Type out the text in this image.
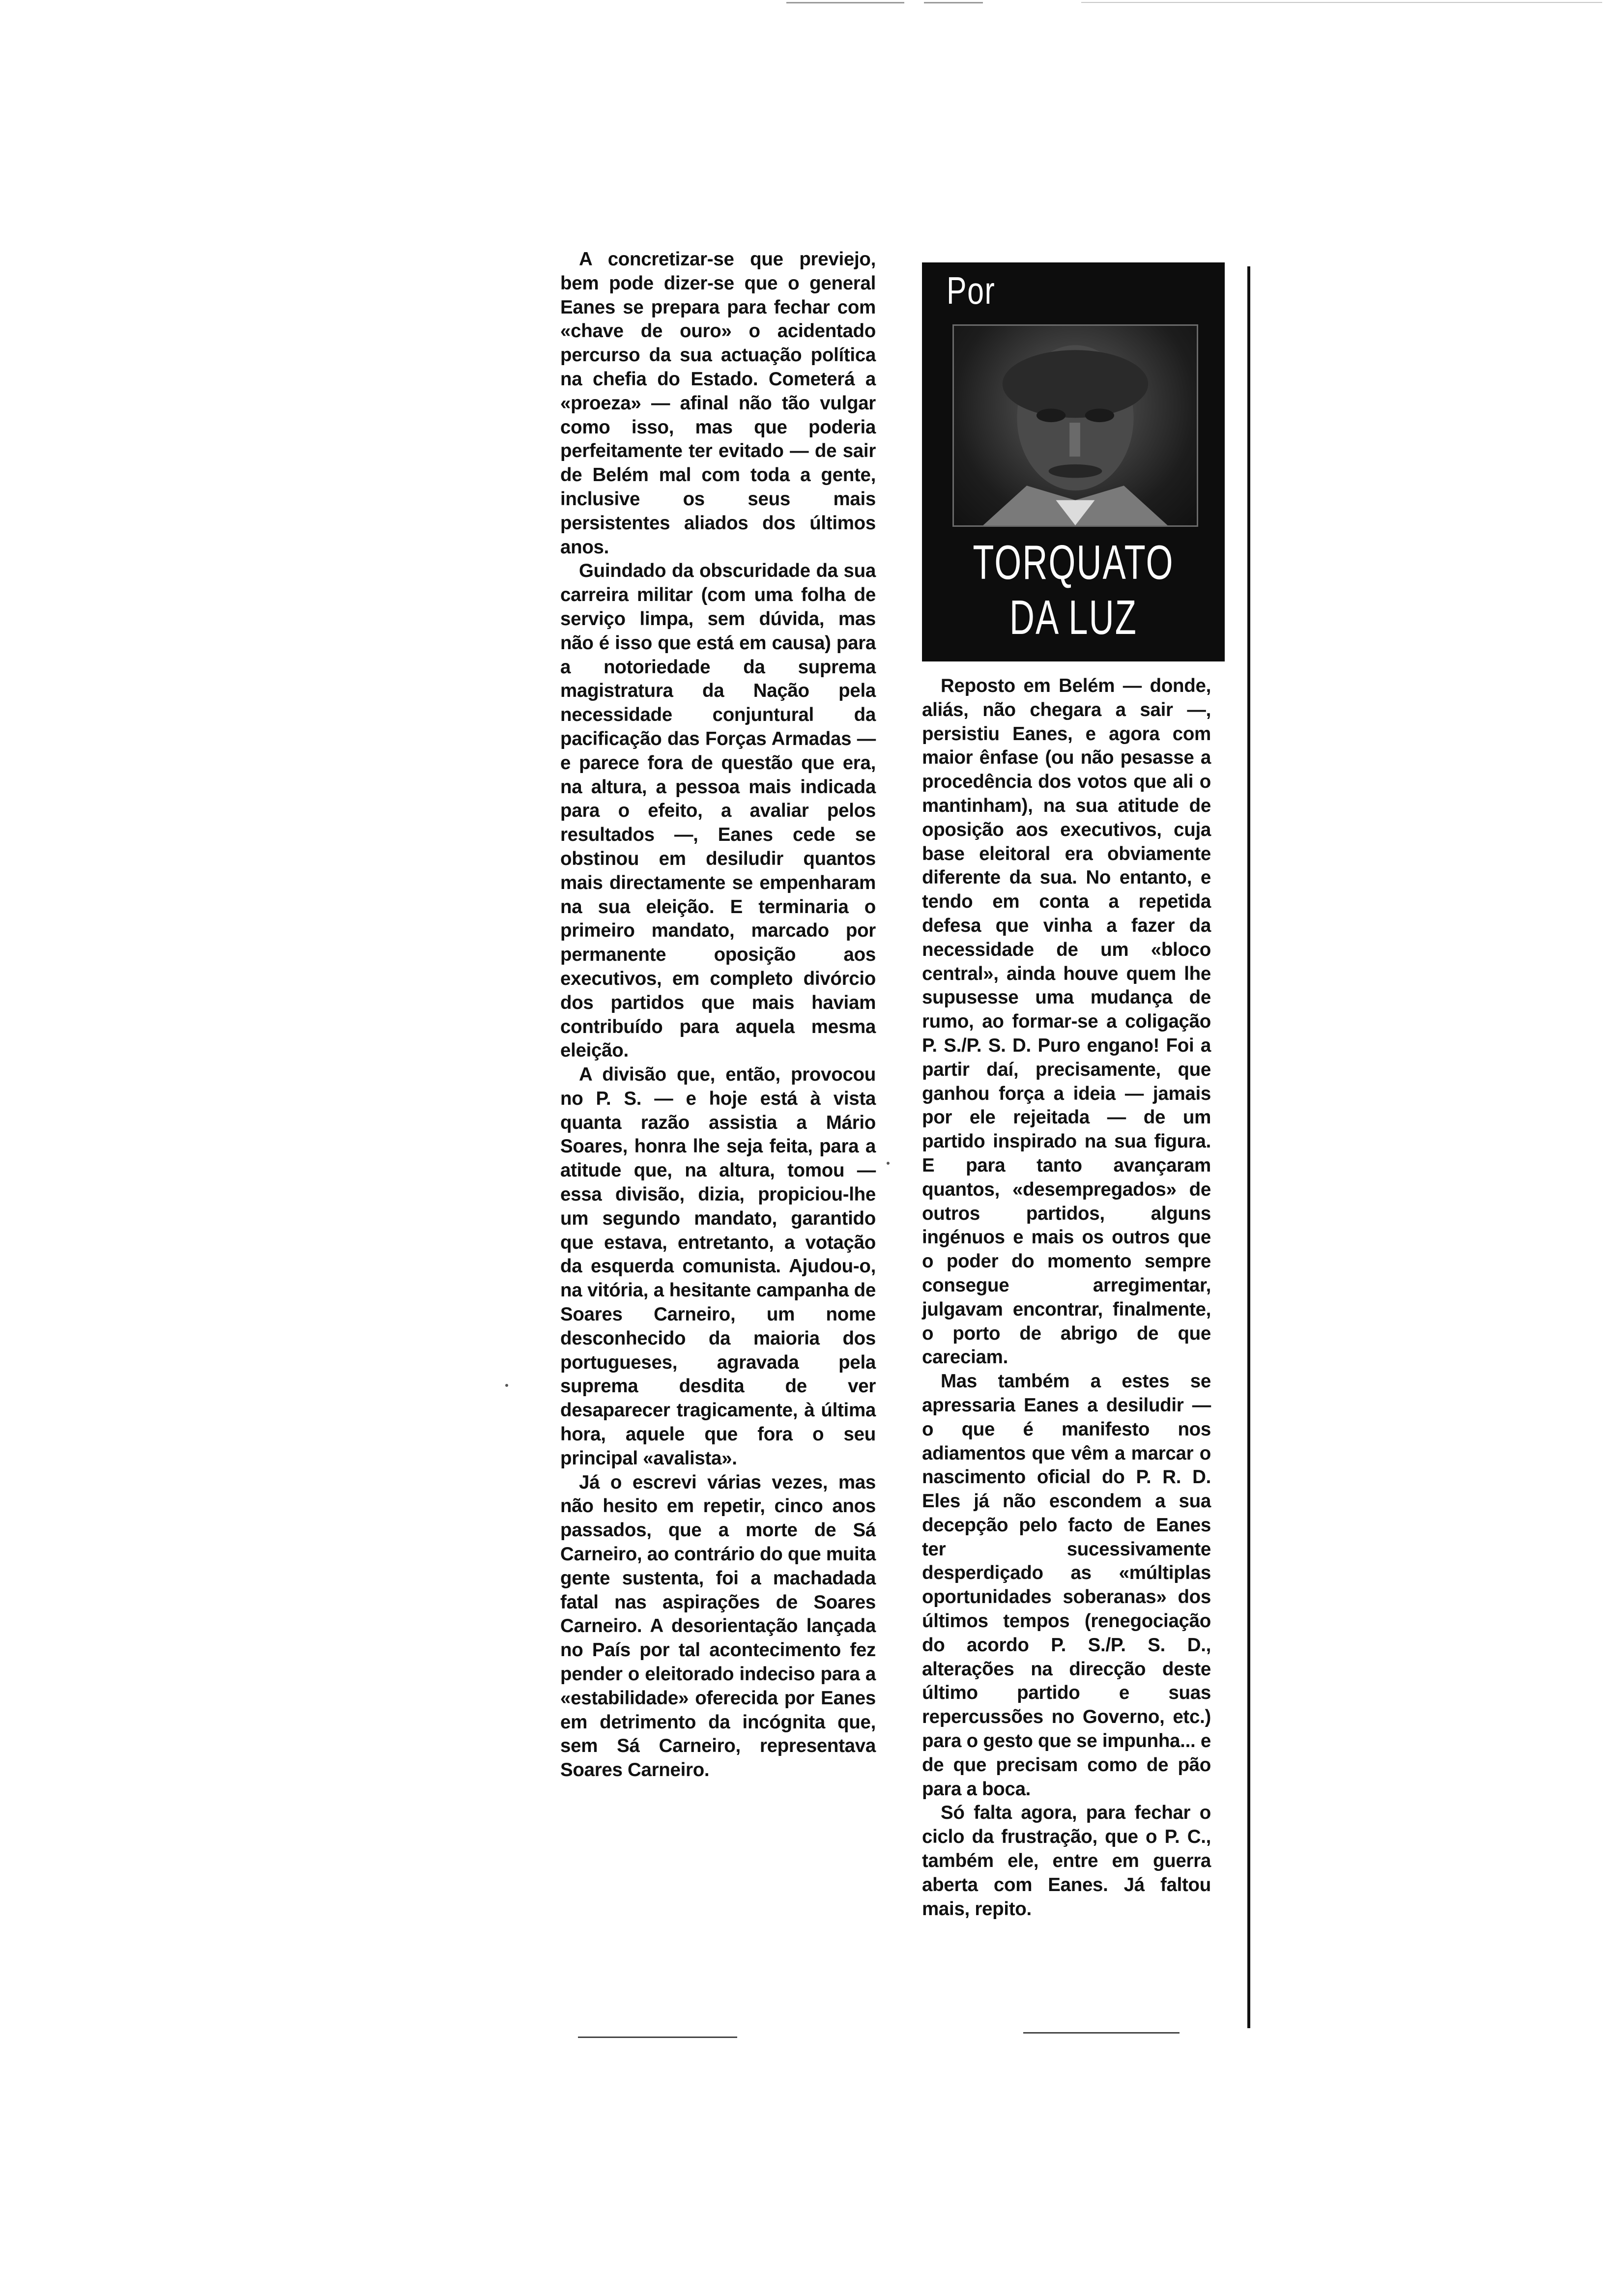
A concretizar-se que previejo, bem pode dizer-se que o general Eanes se prepara para fechar com «chave de ouro» o acidentado percurso da sua actuação política na chefia do Estado. Cometerá a «proeza» — afinal não tão vulgar como isso, mas que poderia perfeitamente ter evitado — de sair de Belém mal com toda a gente, inclusive os seus mais persistentes aliados dos últimos anos.

Guindado da obscuridade da sua carreira militar (com uma folha de serviço limpa, sem dúvida, mas não é isso que está em causa) para a notoriedade da suprema magistratura da Nação pela necessidade conjuntural da pacificação das Forças Armadas — e parece fora de questão que era, na altura, a pessoa mais indicada para o efeito, a avaliar pelos resultados —, Eanes cede se obstinou em desiludir quantos mais directamente se empenharam na sua eleição. E terminaria o primeiro mandato, marcado por permanente oposição aos executivos, em completo divórcio dos partidos que mais haviam contribuído para aquela mesma eleição.

A divisão que, então, provocou no P. S. — e hoje está à vista quanta razão assistia a Mário Soares, honra lhe seja feita, para a atitude que, na altura, tomou — essa divisão, dizia, propiciou-lhe um segundo mandato, garantido que estava, entretanto, a votação da esquerda comunista. Ajudou-o, na vitória, a hesitante campanha de Soares Carneiro, um nome desconhecido da maioria dos portugueses, agravada pela suprema desdita de ver desaparecer tragicamente, à última hora, aquele que fora o seu principal «avalista».

Já o escrevi várias vezes, mas não hesito em repetir, cinco anos passados, que a morte de Sá Carneiro, ao contrário do que muita gente sustenta, foi a machadada fatal nas aspirações de Soares Carneiro. A desorientação lançada no País por tal acontecimento fez pender o eleitorado indeciso para a «estabilidade» oferecida por Eanes em detrimento da incógnita que, sem Sá Carneiro, representava Soares Carneiro.

Por
TORQUATO
DA LUZ

Reposto em Belém — donde, aliás, não chegara a sair —, persistiu Eanes, e agora com maior ênfase (ou não pesasse a procedência dos votos que ali o mantinham), na sua atitude de oposição aos executivos, cuja base eleitoral era obviamente diferente da sua. No entanto, e tendo em conta a repetida defesa que vinha a fazer da necessidade de um «bloco central», ainda houve quem lhe supusesse uma mudança de rumo, ao formar-se a coligação P. S./P. S. D. Puro engano! Foi a partir daí, precisamente, que ganhou força a ideia — jamais por ele rejeitada — de um partido inspirado na sua figura. E para tanto avançaram quantos, «desempregados» de outros partidos, alguns ingénuos e mais os outros que o poder do momento sempre consegue arregimentar, julgavam encontrar, finalmente, o porto de abrigo de que careciam.

Mas também a estes se apressaria Eanes a desiludir — o que é manifesto nos adiamentos que vêm a marcar o nascimento oficial do P. R. D. Eles já não escondem a sua decepção pelo facto de Eanes ter sucessivamente desperdiçado as «múltiplas oportunidades soberanas» dos últimos tempos (renegociação do acordo P. S./P. S. D., alterações na direcção deste último partido e suas repercussões no Governo, etc.) para o gesto que se impunha... e de que precisam como de pão para a boca.

Só falta agora, para fechar o ciclo da frustração, que o P. C., também ele, entre em guerra aberta com Eanes. Já faltou mais, repito.
